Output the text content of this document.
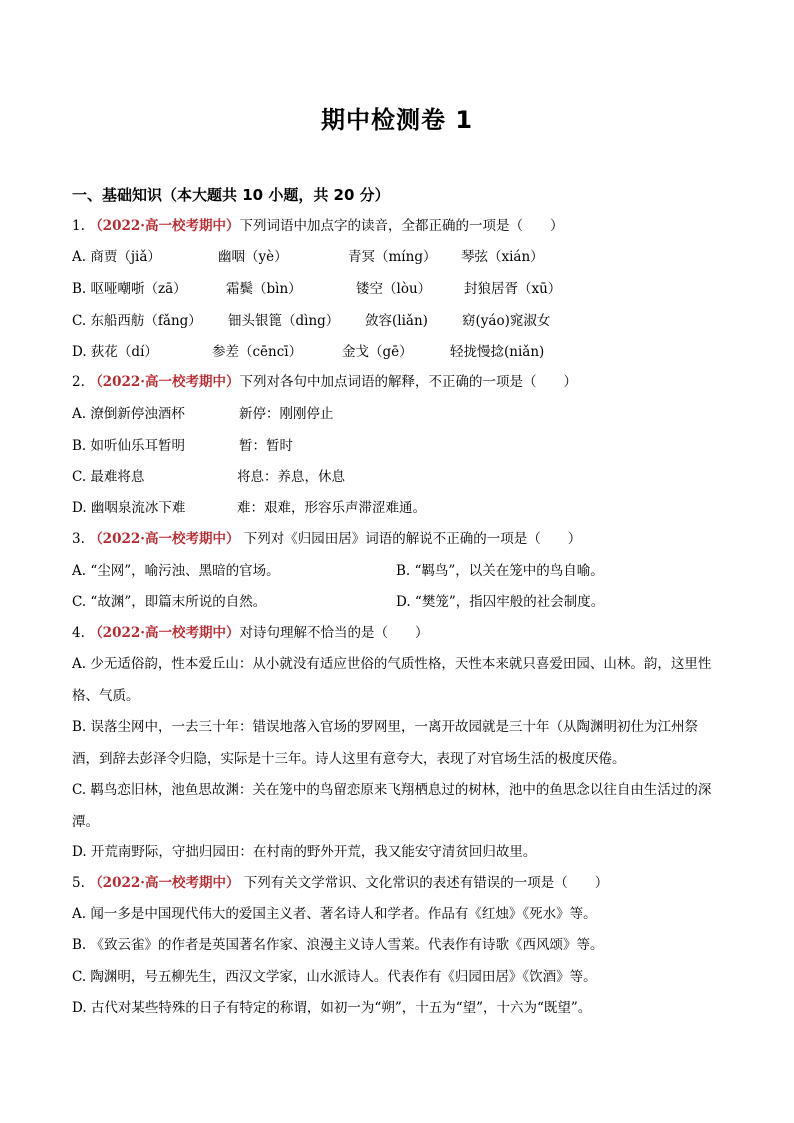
期中检测卷 1
一、基础知识（本大题共 10 小题，共 20 分）
1. （2022·高一校考期中）下列词语中加点字的读音，全都正确的一项是（　　）
A. 商贾（jiǎ）	幽咽（yè）	青冥（míng） 琴弦（xián）
B. 呕哑嘲哳（zā）	霜鬓（bìn）	镂空（lòu） 封狼居胥（xū）
C. 东船西舫（fǎng） 钿头银篦（dìng） 敛容(liǎn)	窈(yáo)窕淑女
D. 荻花（dí）	参差（cēncī）	金戈（gē）	轻拢慢捻(niǎn)
2. （2022·高一校考期中）下列对各句中加点词语的解释，不正确的一项是（　　）
A. 潦倒新停浊酒杯	新停：刚刚停止
B. 如听仙乐耳暂明	暂：暂时
C. 最难将息	将息：养息，休息
D. 幽咽泉流冰下难	难：艰难，形容乐声滞涩难通。
3. （2022·高一校考期中） 下列对《归园田居》词语的解说不正确的一项是（　　）
A. “尘网”，喻污浊、黑暗的官场。	B. “羁鸟”，以关在笼中的鸟自喻。
C. “故渊”，即篇末所说的自然。	D. “樊笼”，指囚牢般的社会制度。
4. （2022·高一校考期中）对诗句理解不恰当的是（　　）
A. 少无适俗韵，性本爱丘山：从小就没有适应世俗的气质性格，天性本来就只喜爱田园、山林。韵，这里性格、气质。
B. 误落尘网中，一去三十年：错误地落入官场的罗网里，一离开故园就是三十年（从陶渊明初仕为江州祭酒，到辞去彭泽令归隐，实际是十三年。诗人这里有意夸大，表现了对官场生活的极度厌倦。
C. 羁鸟恋旧林，池鱼思故渊：关在笼中的鸟留恋原来飞翔栖息过的树林，池中的鱼思念以往自由生活过的深潭。
D. 开荒南野际，守拙归园田：在村南的野外开荒，我又能安守清贫回归故里。
5. （2022·高一校考期中） 下列有关文学常识、文化常识的表述有错误的一项是（　　）
A. 闻一多是中国现代伟大的爱国主义者、著名诗人和学者。作品有《红烛》《死水》等。
B. 《致云雀》的作者是英国著名作家、浪漫主义诗人雪莱。代表作有诗歌《西风颂》等。
C. 陶渊明，号五柳先生，西汉文学家，山水派诗人。代表作有《归园田居》《饮酒》等。
D. 古代对某些特殊的日子有特定的称谓，如初一为“朔”，十五为“望”，十六为“既望”。
